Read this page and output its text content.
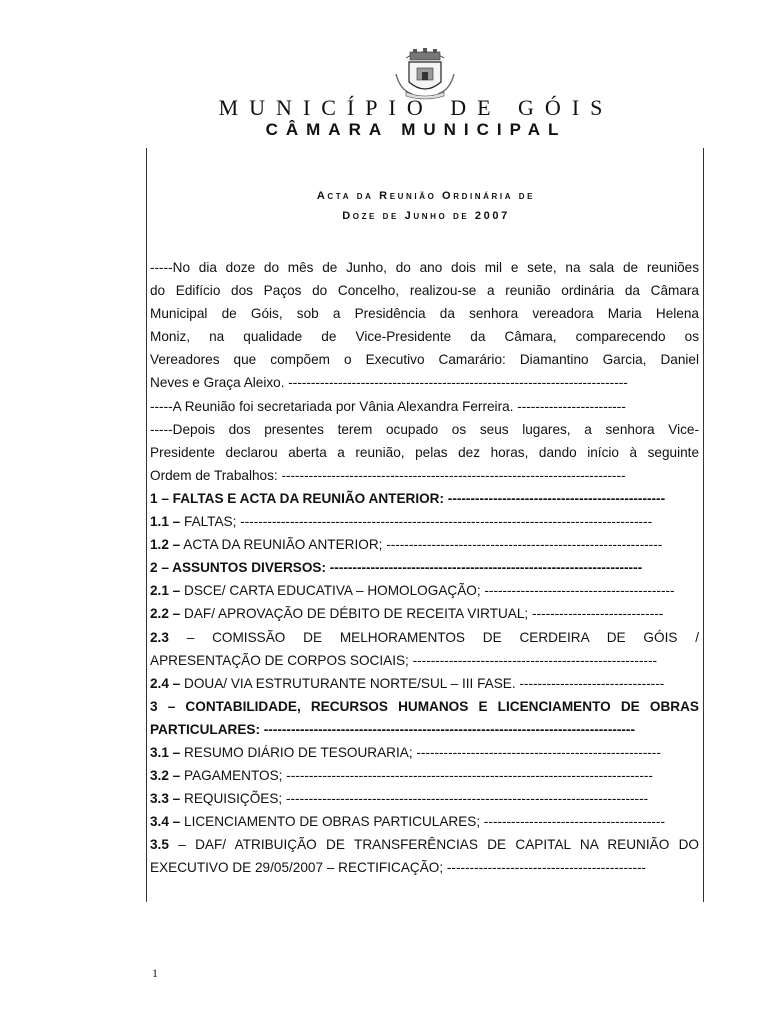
MUNICÍPIO DE GÓIS
CÂMARA MUNICIPAL
Acta da Reunião Ordinária de
Doze de Junho de 2007

-----No dia doze do mês de Junho, do ano dois mil e sete, na sala de reuniões

do Edifício dos Paços do Concelho, realizou-se a reunião ordinária da Câmara

Municipal de Góis, sob a Presidência da senhora vereadora Maria Helena

Moniz, na qualidade de Vice-Presidente da Câmara, comparecendo os

Vereadores que compõem o Executivo Camarário: Diamantino Garcia, Daniel

Neves e Graça Aleixo. ---------------------------------------------------------------------------

-----A Reunião foi secretariada por Vânia Alexandra Ferreira. ------------------------

-----Depois dos presentes terem ocupado os seus lugares, a senhora Vice-

Presidente declarou aberta a reunião, pelas dez horas, dando início à seguinte

Ordem de Trabalhos: ----------------------------------------------------------------------------

1 – FALTAS E ACTA DA REUNIÃO ANTERIOR: ------------------------------------------------

1.1 – FALTAS; -------------------------------------------------------------------------------------------

1.2 – ACTA DA REUNIÃO ANTERIOR; -------------------------------------------------------------

2 – ASSUNTOS DIVERSOS: ---------------------------------------------------------------------

2.1 – DSCE/ CARTA EDUCATIVA – HOMOLOGAÇÃO; ------------------------------------------

2.2 – DAF/ APROVAÇÃO DE DÉBITO DE RECEITA VIRTUAL; -----------------------------

2.3 – COMISSÃO DE MELHORAMENTOS DE CERDEIRA DE GÓIS /

APRESENTAÇÃO DE CORPOS SOCIAIS; ------------------------------------------------------

2.4 – DOUA/ VIA ESTRUTURANTE NORTE/SUL – III FASE. --------------------------------

3 – CONTABILIDADE, RECURSOS HUMANOS E LICENCIAMENTO DE OBRAS

PARTICULARES: ----------------------------------------------------------------------------------

3.1 – RESUMO DIÁRIO DE TESOURARIA; ------------------------------------------------------

3.2 – PAGAMENTOS; ---------------------------------------------------------------------------------

3.3 – REQUISIÇÕES; --------------------------------------------------------------------------------

3.4 – LICENCIAMENTO DE OBRAS PARTICULARES; ----------------------------------------

3.5 – DAF/ ATRIBUIÇÃO DE TRANSFERÊNCIAS DE CAPITAL NA REUNIÃO DO

EXECUTIVO DE 29/05/2007 – RECTIFICAÇÃO; --------------------------------------------

1
